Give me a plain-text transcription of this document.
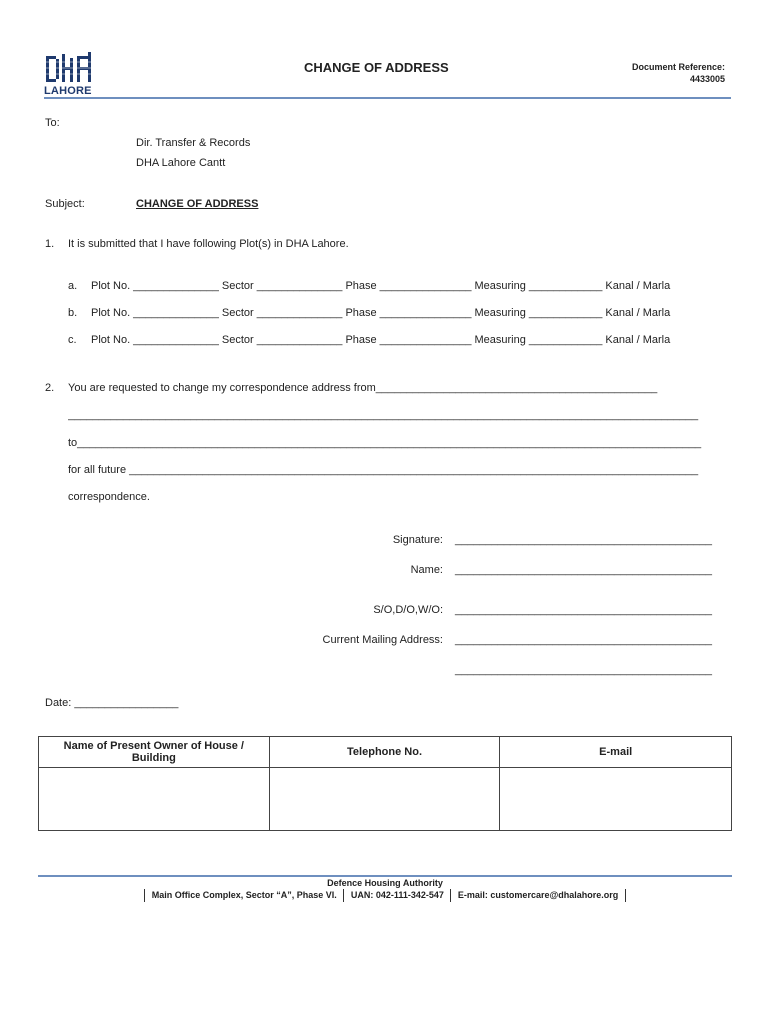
LAHORE
CHANGE OF ADDRESS	Document Reference:
4433005
To:
Dir. Transfer & Records
DHA Lahore Cantt
Subject:	CHANGE OF ADDRESS
1. It is submitted that I have following Plot(s) in DHA Lahore.
a. Plot No. ______________ Sector ______________ Phase _______________ Measuring ____________ Kanal / Marla
b. Plot No. ______________ Sector ______________ Phase _______________ Measuring ____________ Kanal / Marla
c. Plot No. ______________ Sector ______________ Phase _______________ Measuring ____________ Kanal / Marla
2. You are requested to change my correspondence address from______________________________________________
_______________________________________________________________________________________________________
to______________________________________________________________________________________________________
_____________________________________________________________________________________________ for all future
correspondence.
Signature: __________________________________________
Name: __________________________________________
S/O,D/O,W/O: __________________________________________
Current Mailing Address: __________________________________________
__________________________________________
Date: _________________
Name of Present Owner of House / Building	Telephone No.	E-mail

Defence Housing Authority
Main Office Complex, Sector “A”, Phase VI. UAN: 042-111-342-547 E-mail: customercare@dhalahore.org
